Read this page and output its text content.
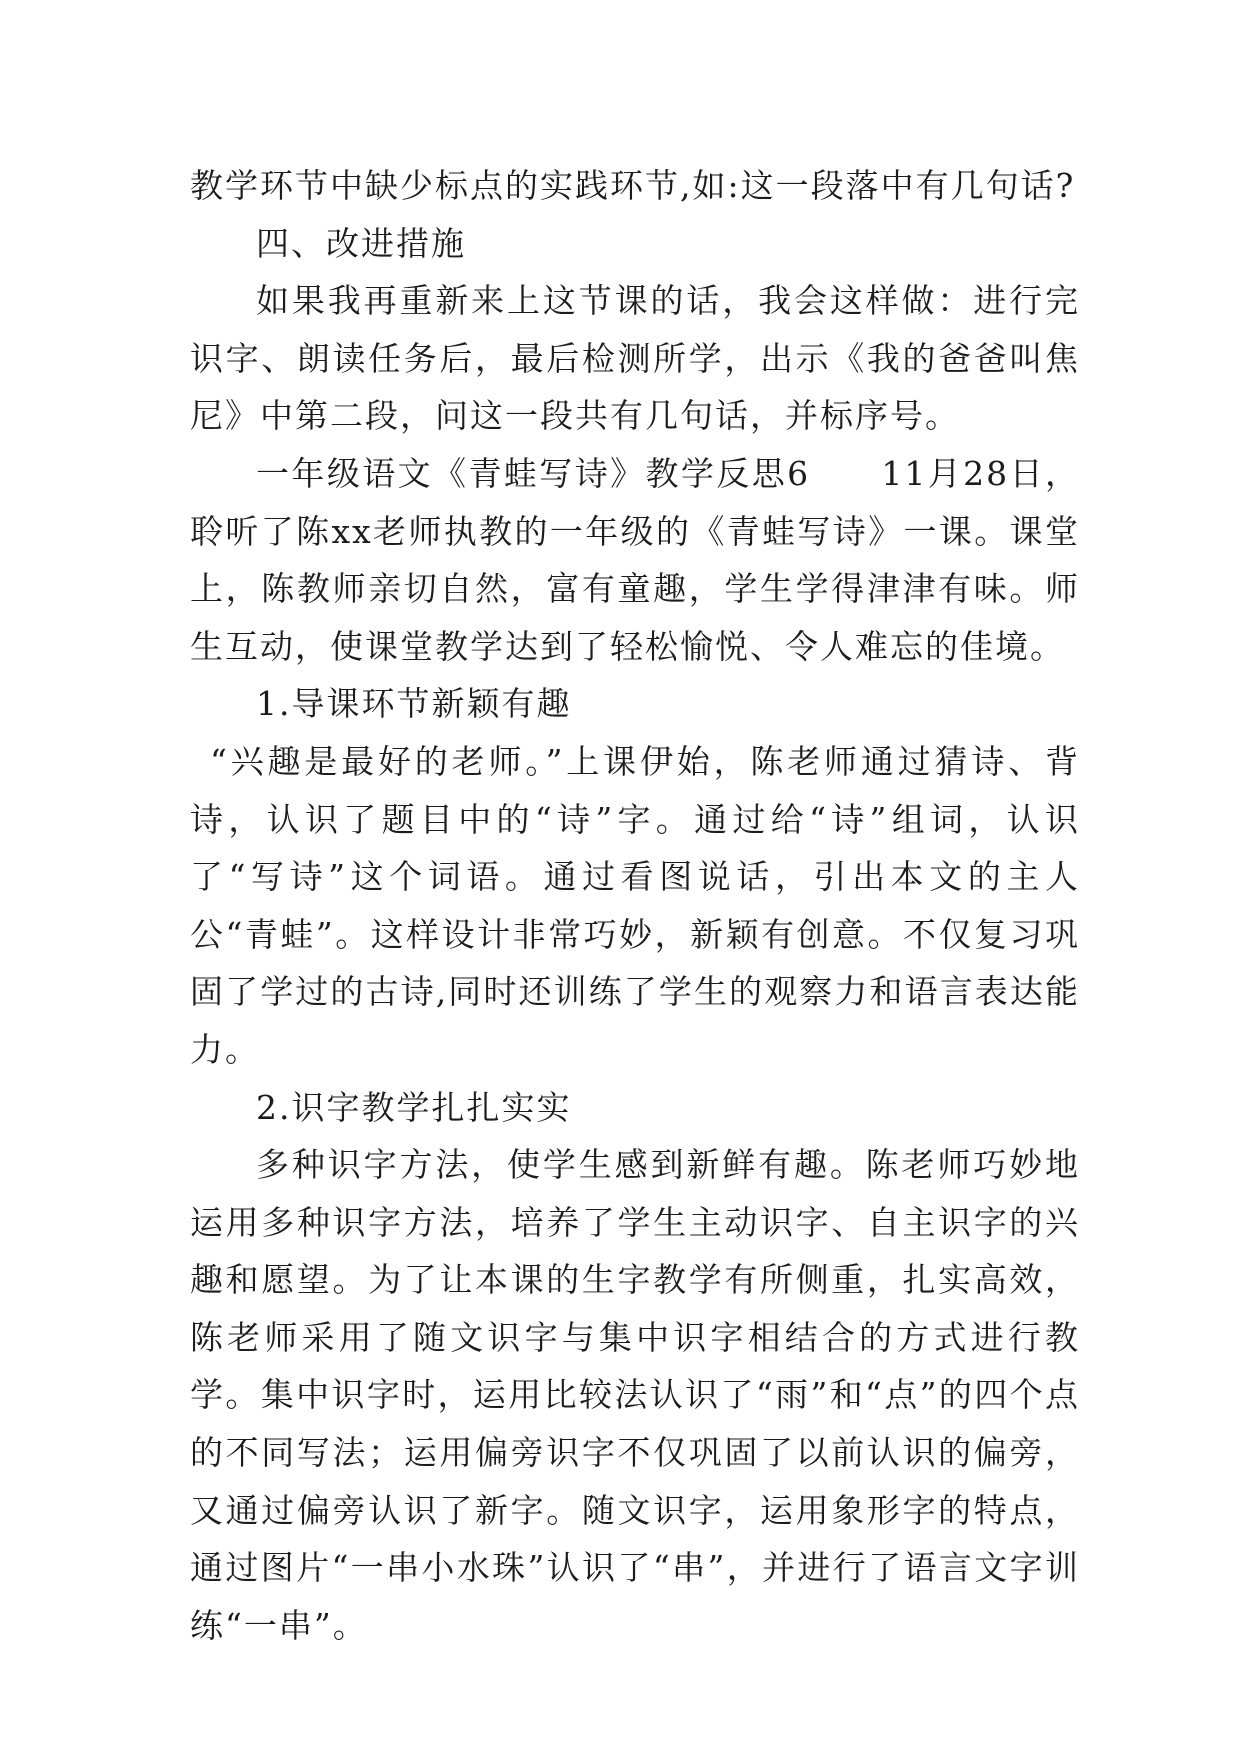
教学环节中缺少标点的实践环节,如:这一段落中有几句话?

四、改进措施

如果我再重新来上这节课的话，我会这样做：进行完识字、朗读任务后，最后检测所学，出示《我的爸爸叫焦尼》中第二段，问这一段共有几句话，并标序号。

一年级语文《青蛙写诗》教学反思6　　11月28日，聆听了陈xx老师执教的一年级的《青蛙写诗》一课。课堂上，陈教师亲切自然，富有童趣，学生学得津津有味。师生互动，使课堂教学达到了轻松愉悦、令人难忘的佳境。

1.导课环节新颖有趣

“兴趣是最好的老师。”上课伊始，陈老师通过猜诗、背诗，认识了题目中的“诗”字。通过给“诗”组词，认识了“写诗”这个词语。通过看图说话，引出本文的主人公“青蛙”。这样设计非常巧妙，新颖有创意。不仅复习巩固了学过的古诗,同时还训练了学生的观察力和语言表达能力。

2.识字教学扎扎实实

多种识字方法，使学生感到新鲜有趣。陈老师巧妙地运用多种识字方法，培养了学生主动识字、自主识字的兴趣和愿望。为了让本课的生字教学有所侧重，扎实高效，陈老师采用了随文识字与集中识字相结合的方式进行教学。集中识字时，运用比较法认识了“雨”和“点”的四个点的不同写法；运用偏旁识字不仅巩固了以前认识的偏旁，又通过偏旁认识了新字。随文识字，运用象形字的特点，通过图片“一串小水珠”认识了“串”，并进行了语言文字训练“一串”。
